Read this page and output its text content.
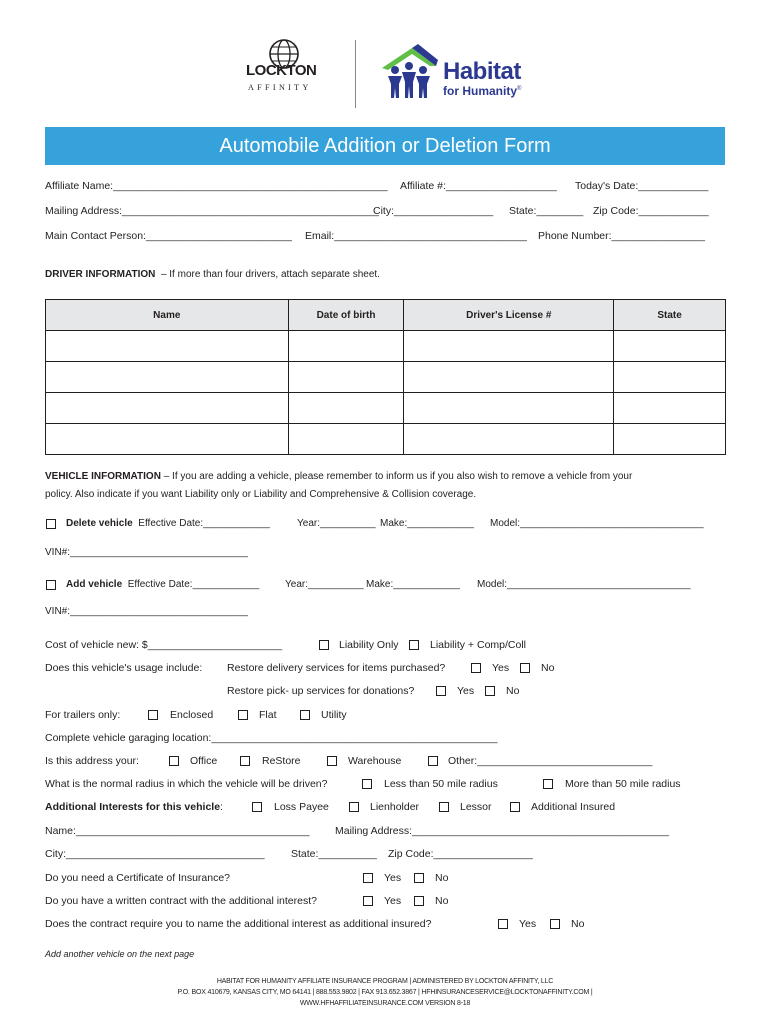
LOCKTON
AFFINITY
Habitat
for Humanity®
Automobile Addition or Deletion Form
Affiliate Name:_______________________________________________ Affiliate #:___________________ Today's Date:____________
Mailing Address:____________________________________________
City:_________________ State:________ Zip Code:____________
Main Contact Person:_________________________ Email:_________________________________ Phone Number:________________
DRIVER INFORMATION – If more than four drivers, attach separate sheet.
Name	Date of birth	Driver's License #	State

VEHICLE INFORMATION – If you are adding a vehicle, please remember to inform us if you also wish to remove a vehicle from your
policy. Also indicate if you want Liability only or Liability and Comprehensive & Collision coverage.
Delete vehicle Effective Date:____________	Year:__________ Make:____________ Model:_________________________________
VIN#:________________________________
Add vehicle Effective Date:____________	Year:__________ Make:____________ Model:_________________________________
VIN#:________________________________
Cost of vehicle new: $_______________________	Liability Only	Liability + Comp/Coll
Does this vehicle's usage include: Restore delivery services for items purchased?	Yes	No
Restore pick- up services for donations?	Yes	No
For trailers only:	Enclosed	Flat	Utility
Complete vehicle garaging location:_________________________________________________
Is this address your:	Office	ReStore	Warehouse	Other:______________________________
What is the normal radius in which the vehicle will be driven?	Less than 50 mile radius	More than 50 mile radius
Additional Interests for this vehicle:	Loss Payee	Lienholder	Lessor	Additional Insured
Name:________________________________________ Mailing Address:____________________________________________
City:__________________________________	State:__________ Zip Code:_________________
Do you need a Certificate of Insurance?	Yes	No
Do you have a written contract with the additional interest?	Yes	No
Does the contract require you to name the additional interest as additional insured?	Yes	No
Add another vehicle on the next page
HABITAT FOR HUMANITY AFFILIATE INSURANCE PROGRAM | ADMINISTERED BY LOCKTON AFFINITY, LLC
P.O. BOX 410679, KANSAS CITY, MO 64141 | 888.553.9802 | FAX 913.652.3867 | HFHINSURANCESERVICE@LOCKTONAFFINITY.COM |
WWW.HFHAFFILIATEINSURANCE.COM VERSION 8-18
